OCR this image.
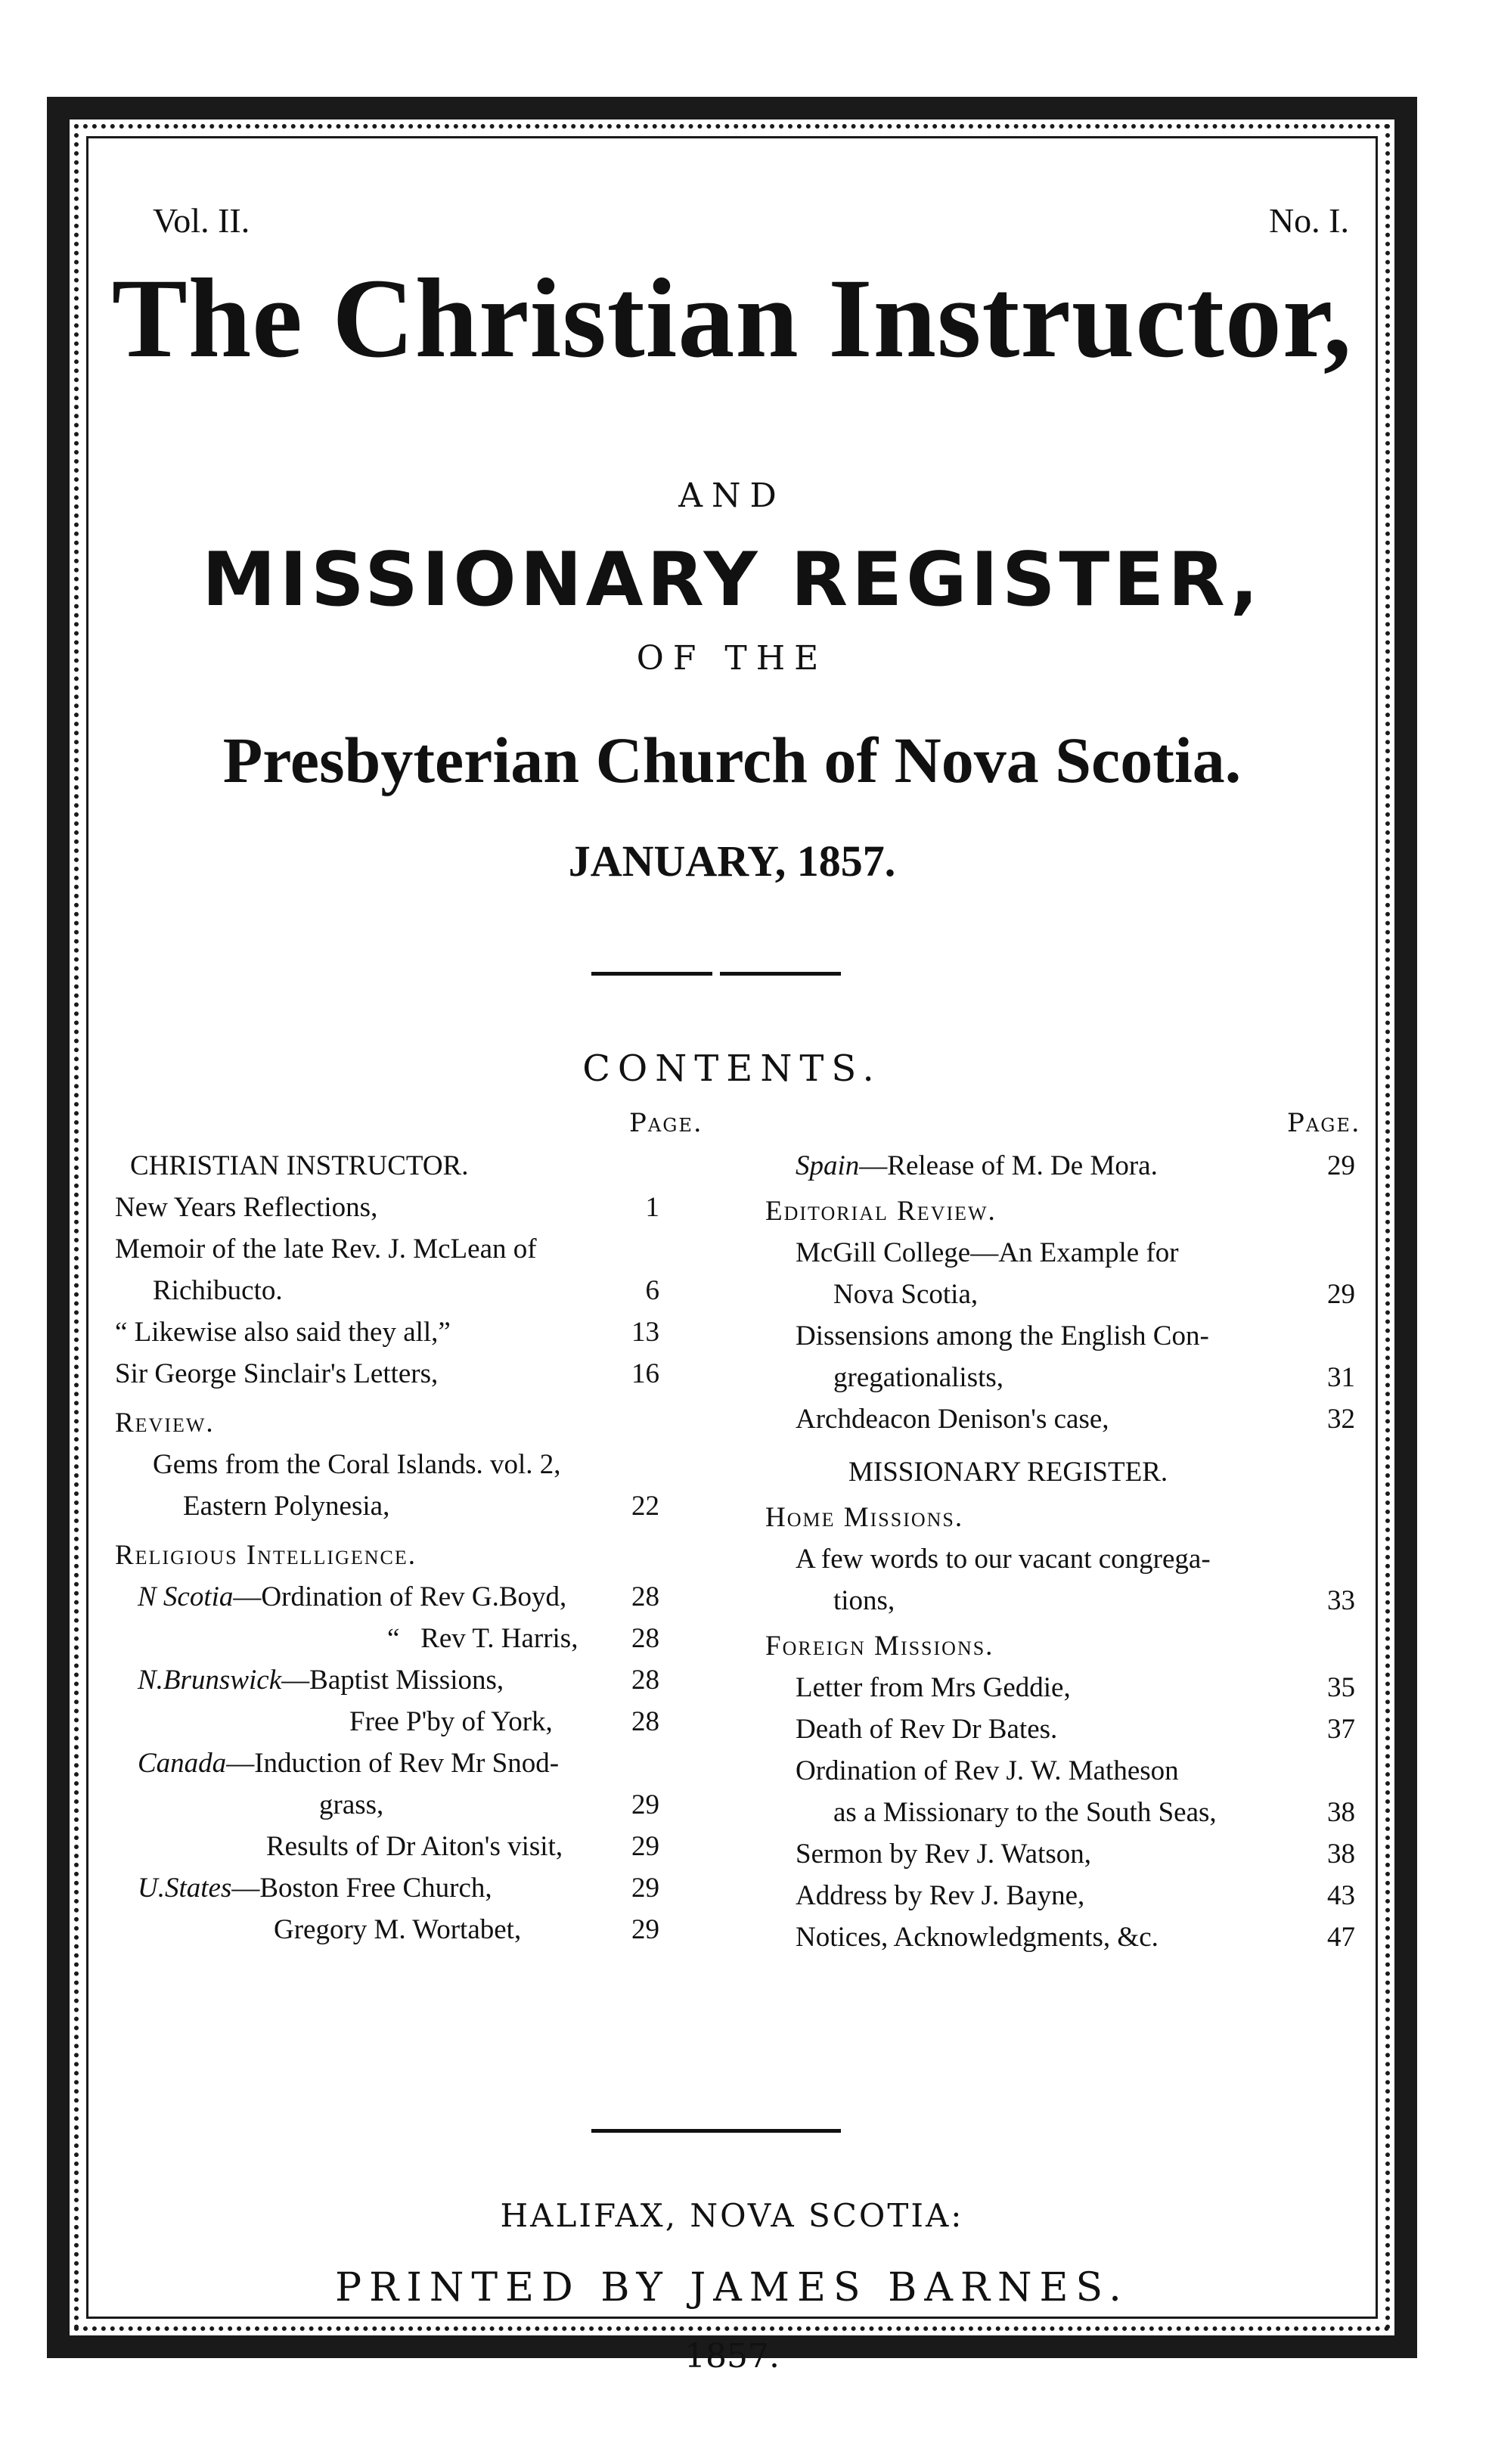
Vol. II.	No. I.
The Christian Instructor,
AND
MISSIONARY REGISTER,
OF THE
Presbyterian Church of Nova Scotia.
JANUARY, 1857.
CONTENTS.
Page.	Page.
CHRISTIAN INSTRUCTOR.
New Years Reflections,	1
Memoir of the late Rev. J. McLean of
Richibucto.	6
“ Likewise also said they all,”	13
Sir George Sinclair's Letters,	16
Review.
Gems from the Coral Islands. vol. 2,
Eastern Polynesia,	22
Religious Intelligence.
N Scotia—Ordination of Rev G.Boyd,	28
“ Rev T. Harris,	28
N.Brunswick—Baptist Missions,	28
Free P'by of York,	28
Canada—Induction of Rev Mr Snod-
grass,	29
Results of Dr Aiton's visit,	29
U.States—Boston Free Church,	29
Gregory M. Wortabet,	29
Spain—Release of M. De Mora.	29
Editorial Review.
McGill College—An Example for
Nova Scotia,	29
Dissensions among the English Con-
gregationalists,	31
Archdeacon Denison's case,	32
MISSIONARY REGISTER.
Home Missions.
A few words to our vacant congrega-
tions,	33
Foreign Missions.
Letter from Mrs Geddie,	35
Death of Rev Dr Bates.	37
Ordination of Rev J. W. Matheson
as a Missionary to the South Seas,	38
Sermon by Rev J. Watson,	38
Address by Rev J. Bayne,	43
Notices, Acknowledgments, &c.	47
HALIFAX, NOVA SCOTIA:
PRINTED BY JAMES BARNES.
1857.
